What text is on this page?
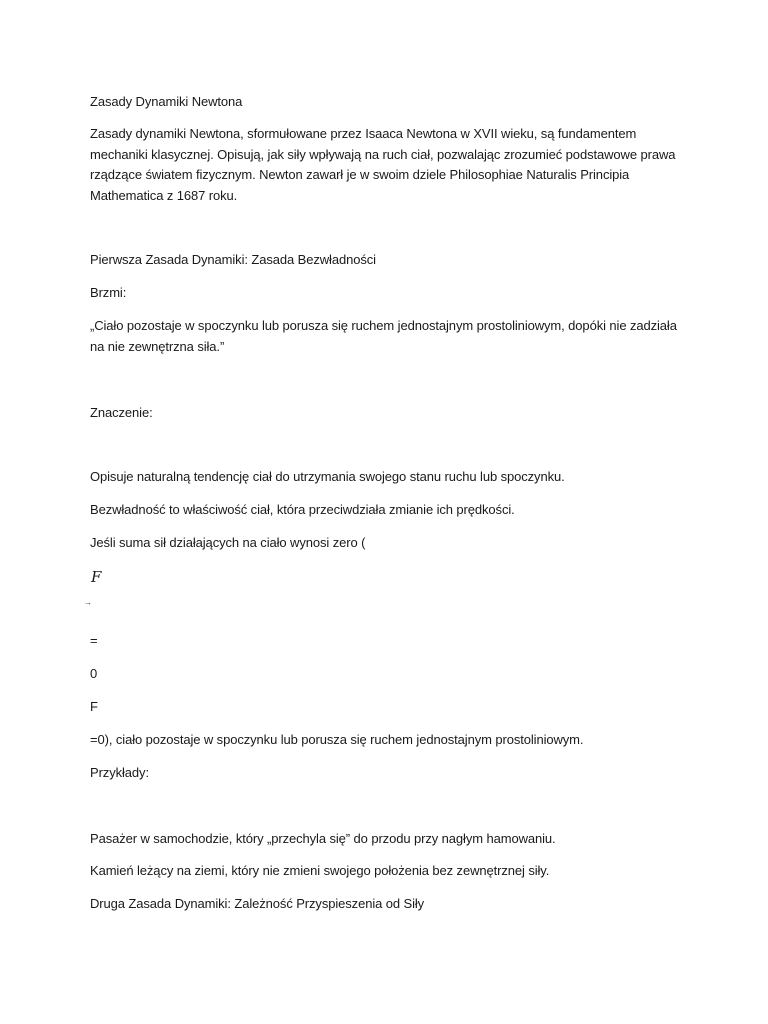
Zasady Dynamiki Newtona
Zasady dynamiki Newtona, sformułowane przez Isaaca Newtona w XVII wieku, są fundamentem mechaniki klasycznej. Opisują, jak siły wpływają na ruch ciał, pozwalając zrozumieć podstawowe prawa rządzące światem fizycznym. Newton zawarł je w swoim dziele Philosophiae Naturalis Principia Mathematica z 1687 roku.
Pierwsza Zasada Dynamiki: Zasada Bezwładności
Brzmi:
„Ciało pozostaje w spoczynku lub porusza się ruchem jednostajnym prostoliniowym, dopóki nie zadziała na nie zewnętrzna siła.”
Znaczenie:
Opisuje naturalną tendencję ciał do utrzymania swojego stanu ruchu lub spoczynku.
Bezwładność to właściwość ciał, która przeciwdziała zmianie ich prędkości.
Jeśli suma sił działających na ciało wynosi zero (
F
→
=
0
F
=0), ciało pozostaje w spoczynku lub porusza się ruchem jednostajnym prostoliniowym.
Przykłady:
Pasażer w samochodzie, który „przechyla się” do przodu przy nagłym hamowaniu.
Kamień leżący na ziemi, który nie zmieni swojego położenia bez zewnętrznej siły.
Druga Zasada Dynamiki: Zależność Przyspieszenia od Siły
